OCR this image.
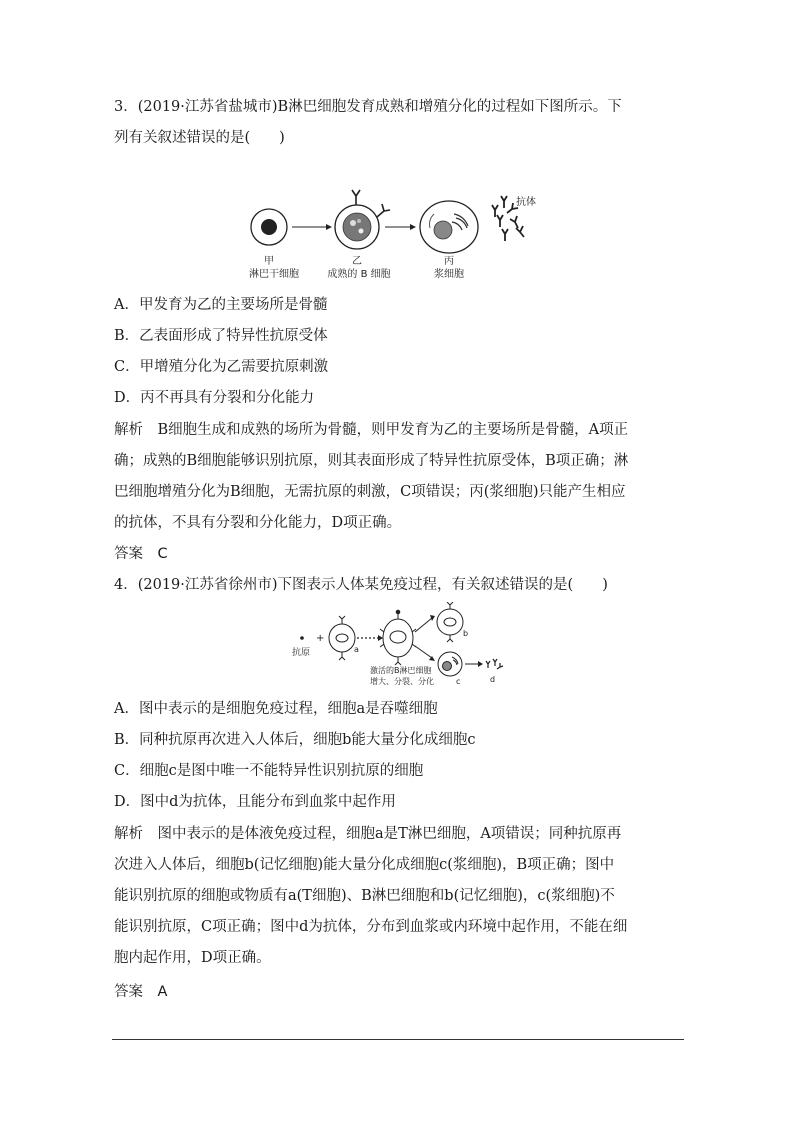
3．(2019·江苏省盐城市)B淋巴细胞发育成熟和增殖分化的过程如下图所示。下
列有关叙述错误的是(　　)
抗体
甲
淋巴干细胞
乙
成熟的 B 细胞
丙
浆细胞
A．甲发育为乙的主要场所是骨髓
B．乙表面形成了特异性抗原受体
C．甲增殖分化为乙需要抗原刺激
D．丙不再具有分裂和分化能力
解析　B细胞生成和成熟的场所为骨髓，则甲发育为乙的主要场所是骨髓，A项正
确；成熟的B细胞能够识别抗原，则其表面形成了特异性抗原受体，B项正确；淋
巴细胞增殖分化为B细胞，无需抗原的刺激，C项错误；丙(浆细胞)只能产生相应
的抗体，不具有分裂和分化能力，D项正确。
答案　C
4．(2019·江苏省徐州市)下图表示人体某免疫过程，有关叙述错误的是(　　)
抗原
+
a
b
c	d
激活的B淋巴细胞
增大、分裂、分化
A．图中表示的是细胞免疫过程，细胞a是吞噬细胞
B．同种抗原再次进入人体后，细胞b能大量分化成细胞c
C．细胞c是图中唯一不能特异性识别抗原的细胞
D．图中d为抗体，且能分布到血浆中起作用
解析　图中表示的是体液免疫过程，细胞a是T淋巴细胞，A项错误；同种抗原再
次进入人体后，细胞b(记忆细胞)能大量分化成细胞c(浆细胞)，B项正确；图中
能识别抗原的细胞或物质有a(T细胞)、B淋巴细胞和b(记忆细胞)，c(浆细胞)不
能识别抗原，C项正确；图中d为抗体，分布到血浆或内环境中起作用，不能在细
胞内起作用，D项正确。
答案　A
